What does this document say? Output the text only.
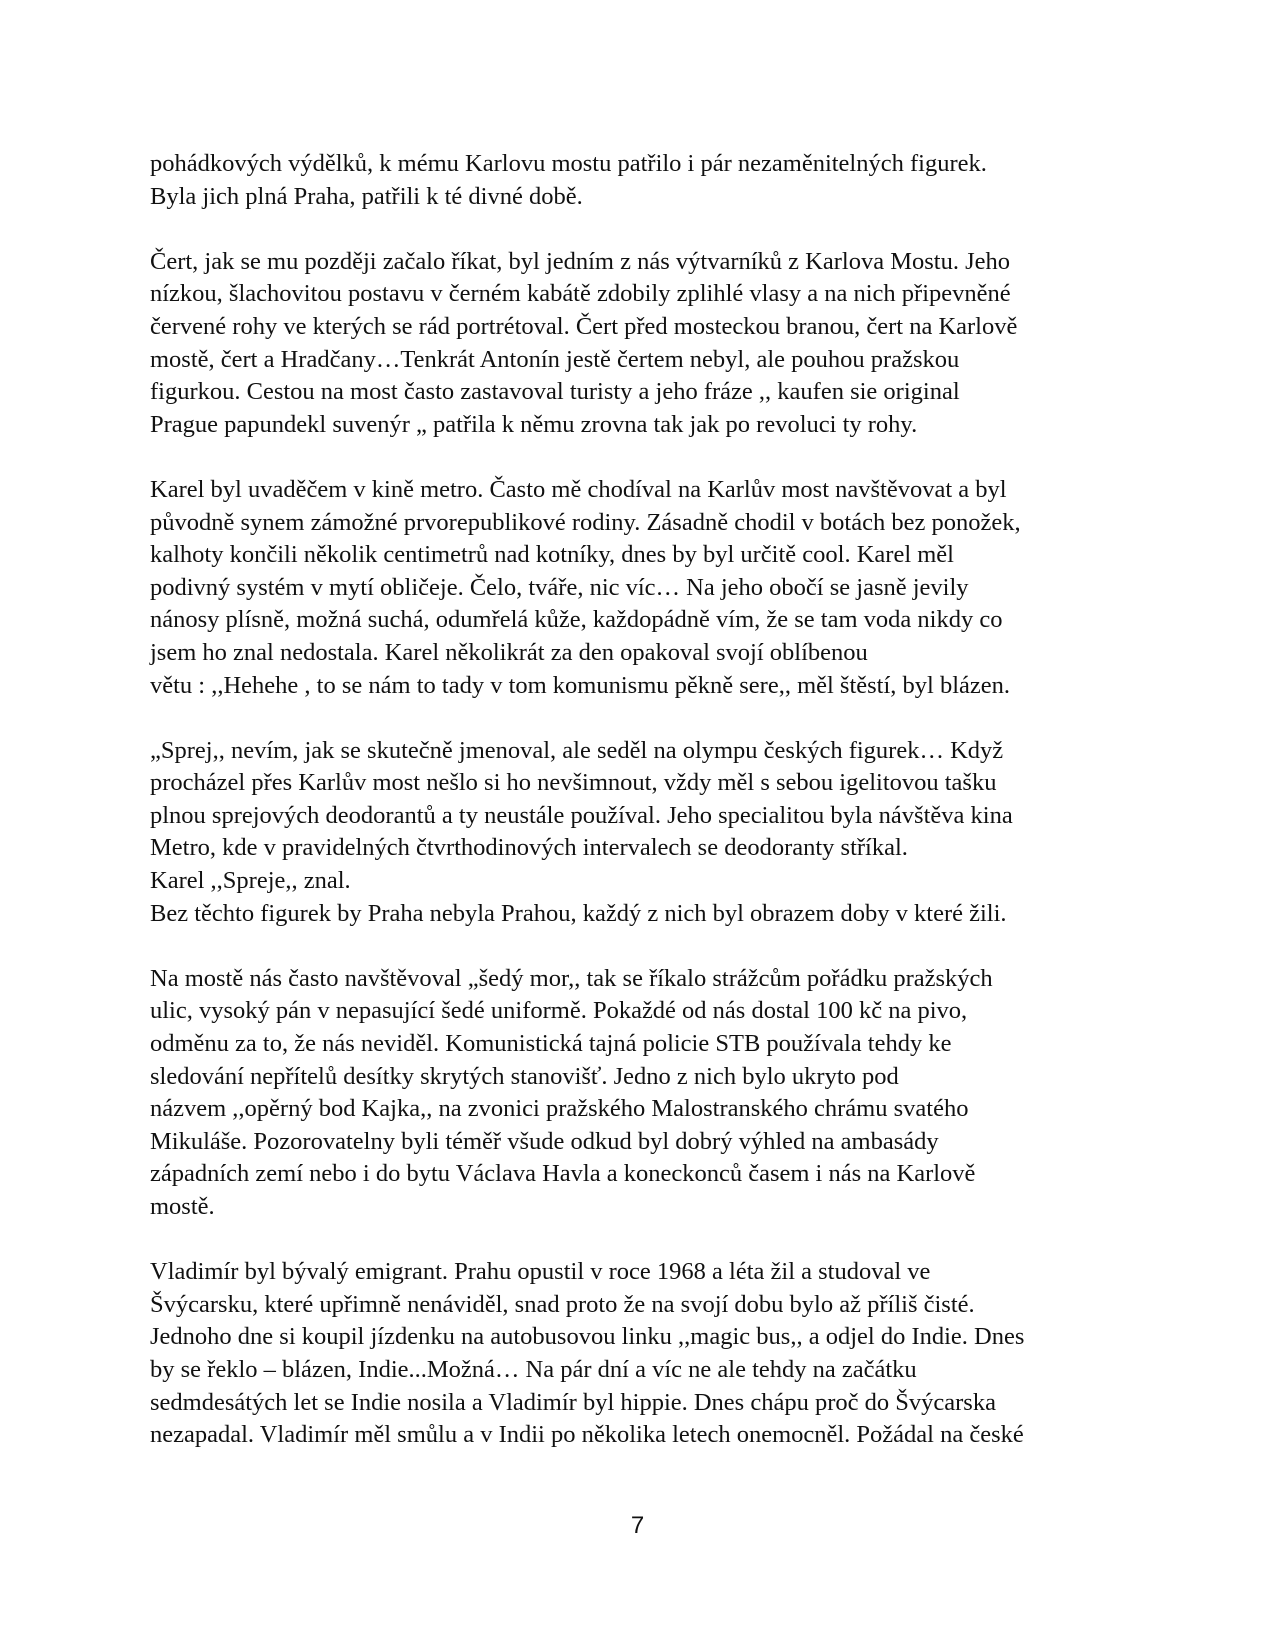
pohádkových výdělků, k mému Karlovu mostu patřilo i pár nezaměnitelných figurek.
Byla jich plná Praha, patřili k té divné době.

Čert, jak se mu později začalo říkat, byl jedním z nás výtvarníků z Karlova Mostu. Jeho
nízkou, šlachovitou postavu v černém kabátě zdobily zplihlé vlasy a na nich připevněné
červené rohy ve kterých se rád portrétoval. Čert před mosteckou branou, čert na Karlově
mostě, čert a Hradčany…Tenkrát Antonín jestě čertem nebyl, ale pouhou pražskou
figurkou. Cestou na most často zastavoval turisty a jeho fráze ,, kaufen sie original
Prague papundekl suvenýr „ patřila k němu zrovna tak jak po revoluci ty rohy.

Karel byl uvaděčem v kině metro. Často mě chodíval na Karlův most navštěvovat a byl
původně synem zámožné prvorepublikové rodiny. Zásadně chodil v botách bez ponožek,
kalhoty končili několik centimetrů nad kotníky, dnes by byl určitě cool. Karel měl
podivný systém v mytí obličeje. Čelo, tváře, nic víc… Na jeho obočí se jasně jevily
nánosy plísně, možná suchá, odumřelá kůže, každopádně vím, že se tam voda nikdy co
jsem ho znal nedostala. Karel několikrát za den opakoval svojí oblíbenou
větu : ,,Hehehe , to se nám to tady v tom komunismu pěkně sere,, měl štěstí, byl blázen.

„Sprej,, nevím, jak se skutečně jmenoval, ale seděl na olympu českých figurek… Když
procházel přes Karlův most nešlo si ho nevšimnout, vždy měl s sebou igelitovou tašku
plnou sprejových deodorantů a ty neustále používal. Jeho specialitou byla návštěva kina
Metro, kde v pravidelných čtvrthodinových intervalech se deodoranty stříkal.
Karel ,,Spreje,, znal.
Bez těchto figurek by Praha nebyla Prahou, každý z nich byl obrazem doby v které žili.

Na mostě nás často navštěvoval „šedý mor,, tak se říkalo strážcům pořádku pražských
ulic, vysoký pán v nepasující šedé uniformě. Pokaždé od nás dostal 100 kč na pivo,
odměnu za to, že nás neviděl. Komunistická tajná policie STB používala tehdy ke
sledování nepřítelů desítky skrytých stanovišť. Jedno z nich bylo ukryto pod
názvem ,,opěrný bod Kajka,, na zvonici pražského Malostranského chrámu svatého
Mikuláše. Pozorovatelny byli téměř všude odkud byl dobrý výhled na ambasády
západních zemí nebo i do bytu Václava Havla a koneckonců časem i nás na Karlově
mostě.

Vladimír byl bývalý emigrant. Prahu opustil v roce 1968 a léta žil a studoval ve
Švýcarsku, které upřimně nenáviděl, snad proto že na svojí dobu bylo až příliš čisté.
Jednoho dne si koupil jízdenku na autobusovou linku ,,magic bus,, a odjel do Indie. Dnes
by se řeklo – blázen, Indie...Možná… Na pár dní a víc ne ale tehdy na začátku
sedmdesátých let se Indie nosila a Vladimír byl hippie. Dnes chápu proč do Švýcarska
nezapadal. Vladimír měl smůlu a v Indii po několika letech onemocněl. Požádal na české

7
